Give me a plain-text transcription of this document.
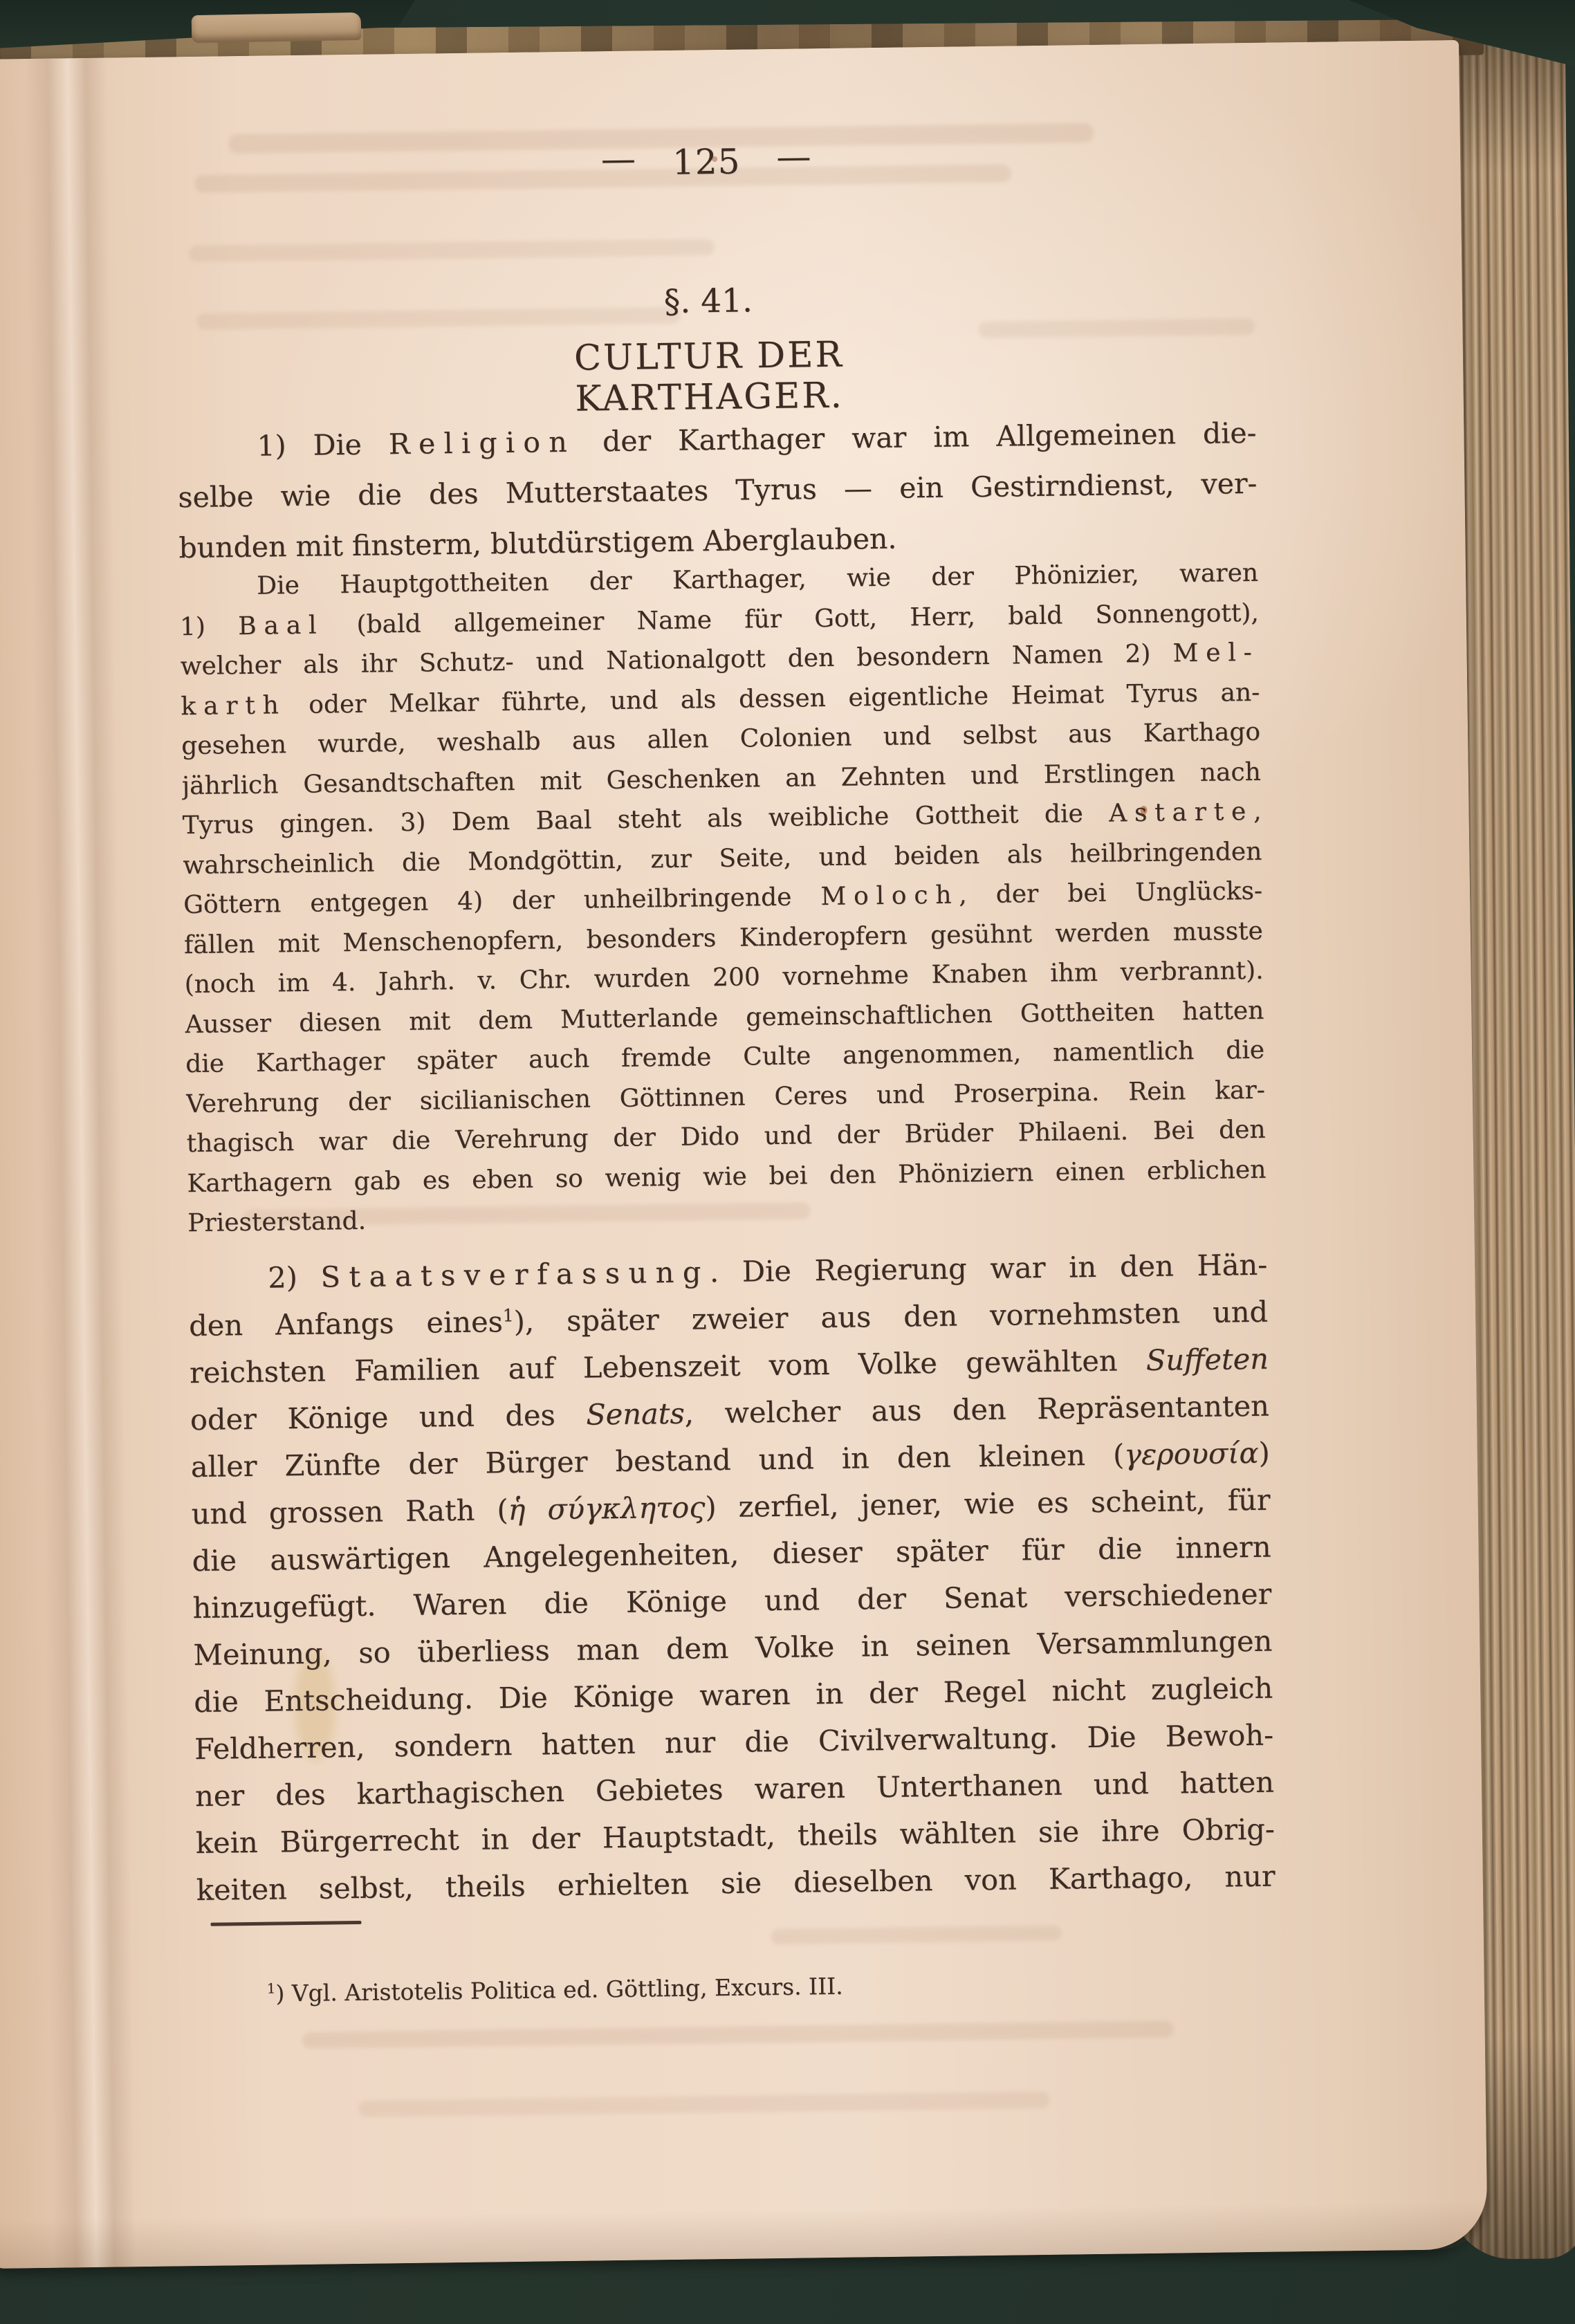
— 125 —
§. 41.
CULTUR DER KARTHAGER.
1) Die Religion der Karthager war im Allgemeinen die-
selbe wie die des Mutterstaates Tyrus — ein Gestirndienst, ver-
bunden mit finsterm, blutdürstigem Aberglauben.
Die Hauptgottheiten der Karthager, wie der Phönizier, waren
1) Baal (bald allgemeiner Name für Gott, Herr, bald Sonnengott),
welcher als ihr Schutz- und Nationalgott den besondern Namen 2) Mel-
karth oder Melkar führte, und als dessen eigentliche Heimat Tyrus an-
gesehen wurde, weshalb aus allen Colonien und selbst aus Karthago
jährlich Gesandtschaften mit Geschenken an Zehnten und Erstlingen nach
Tyrus gingen. 3) Dem Baal steht als weibliche Gottheit die Astarte,
wahrscheinlich die Mondgöttin, zur Seite, und beiden als heilbringenden
Göttern entgegen 4) der unheilbringende Moloch, der bei Unglücks-
fällen mit Menschenopfern, besonders Kinderopfern gesühnt werden musste
(noch im 4. Jahrh. v. Chr. wurden 200 vornehme Knaben ihm verbrannt).
Ausser diesen mit dem Mutterlande gemeinschaftlichen Gottheiten hatten
die Karthager später auch fremde Culte angenommen, namentlich die
Verehrung der sicilianischen Göttinnen Ceres und Proserpina. Rein kar-
thagisch war die Verehrung der Dido und der Brüder Philaeni. Bei den
Karthagern gab es eben so wenig wie bei den Phöniziern einen erblichen
Priesterstand.
2) Staatsverfassung. Die Regierung war in den Hän-
den Anfangs eines$^1$), später zweier aus den vornehmsten und
reichsten Familien auf Lebenszeit vom Volke gewählten Suffeten
oder Könige und des Senats, welcher aus den Repräsentanten
aller Zünfte der Bürger bestand und in den kleinen (γερουσία)
und grossen Rath (ἡ σύγκλητος) zerfiel, jener, wie es scheint, für
die auswärtigen Angelegenheiten, dieser später für die innern
hinzugefügt. Waren die Könige und der Senat verschiedener
Meinung, so überliess man dem Volke in seinen Versammlungen
die Entscheidung. Die Könige waren in der Regel nicht zugleich
Feldherren, sondern hatten nur die Civilverwaltung. Die Bewoh-
ner des karthagischen Gebietes waren Unterthanen und hatten
kein Bürgerrecht in der Hauptstadt, theils wählten sie ihre Obrig-
keiten selbst, theils erhielten sie dieselben von Karthago, nur
$^1$) Vgl. Aristotelis Politica ed. Göttling, Excurs. III.
